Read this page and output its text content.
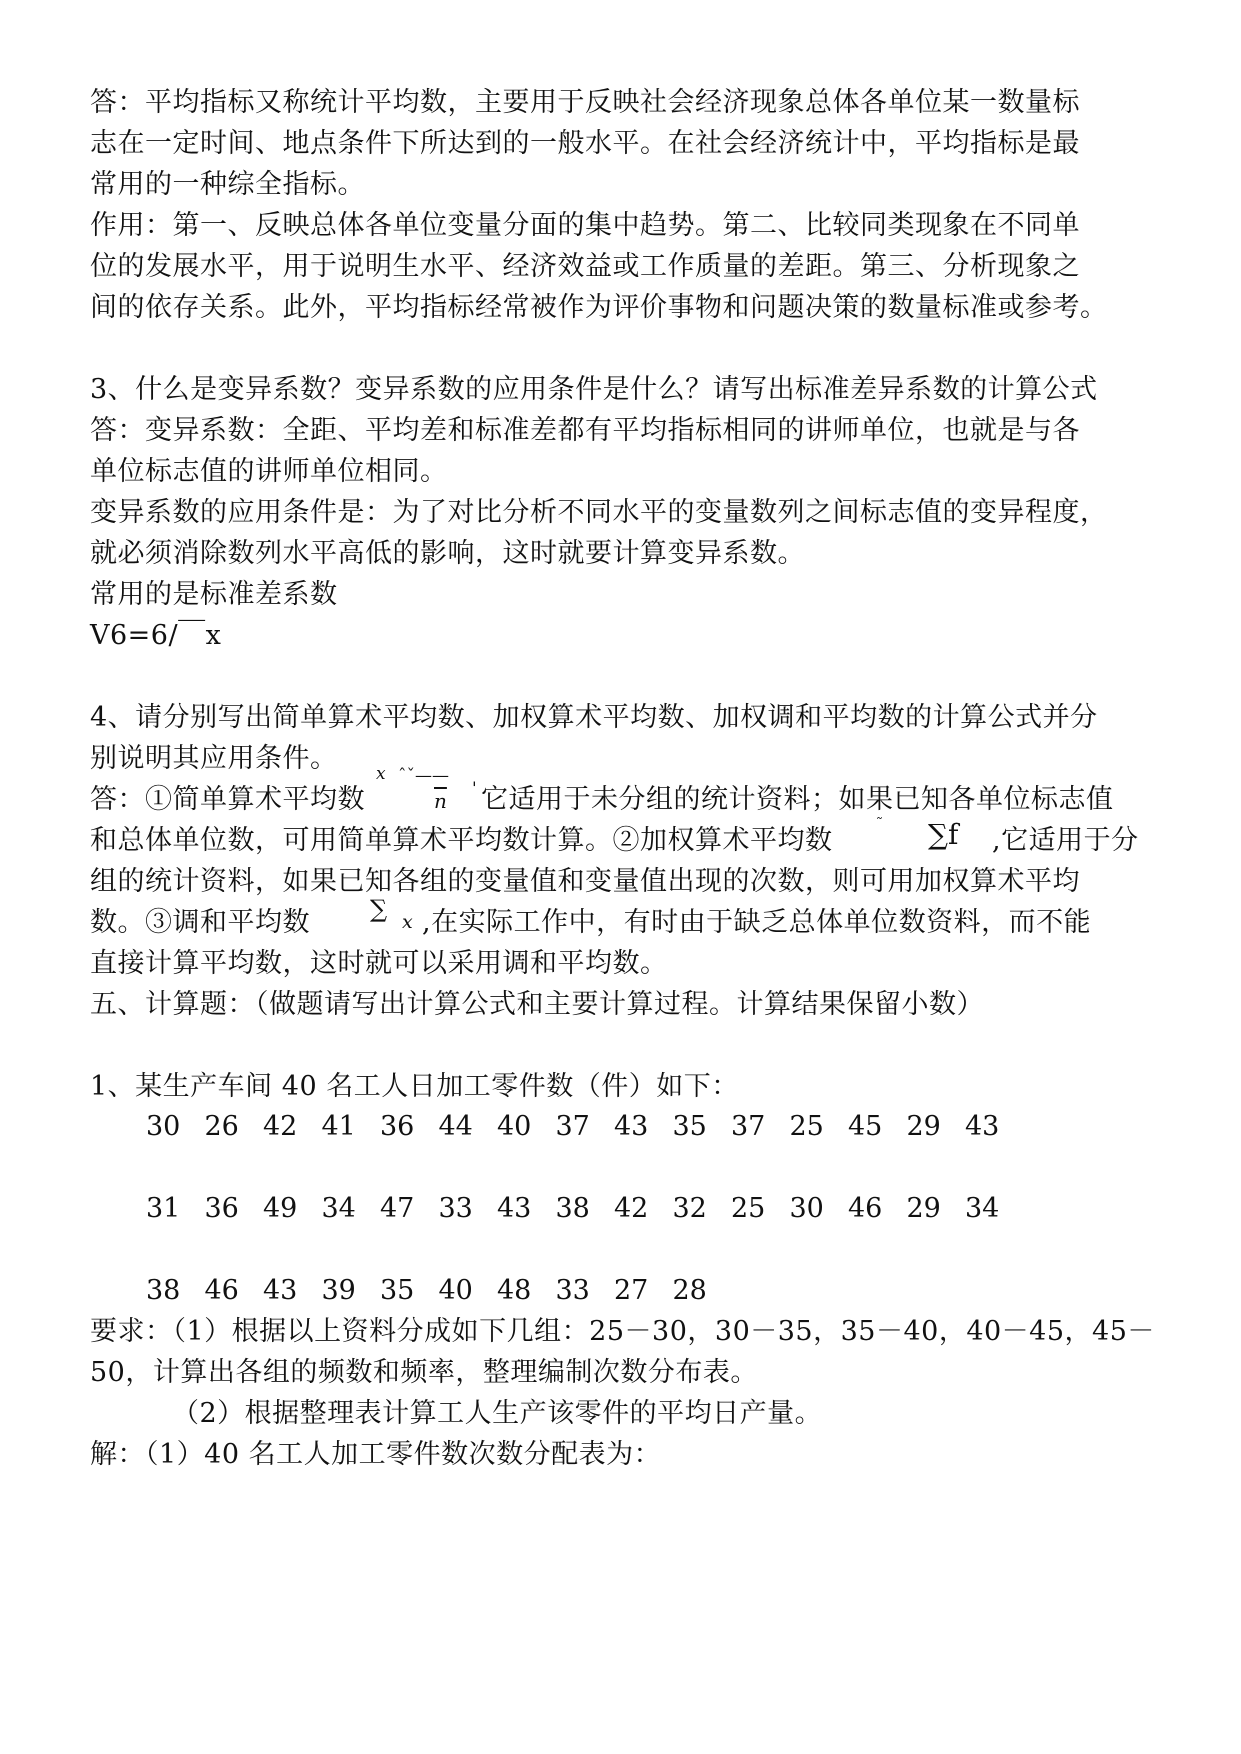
答：平均指标又称统计平均数，主要用于反映社会经济现象总体各单位某一数量标
志在一定时间、地点条件下所达到的一般水平。在社会经济统计中，平均指标是最
常用的一种综全指标。
作用：第一、反映总体各单位变量分面的集中趋势。第二、比较同类现象在不同单
位的发展水平，用于说明生水平、经济效益或工作质量的差距。第三、分析现象之
间的依存关系。此外，平均指标经常被作为评价事物和问题决策的数量标准或参考。
3、什么是变异系数？变异系数的应用条件是什么？请写出标准差异系数的计算公式
答：变异系数：全距、平均差和标准差都有平均指标相同的讲师单位，也就是与各
单位标志值的讲师单位相同。
变异系数的应用条件是：为了对比分析不同水平的变量数列之间标志值的变异程度，
就必须消除数列水平高低的影响，这时就要计算变异系数。
常用的是标准差系数
V6=6/￣x
4、请分别写出简单算术平均数、加权算术平均数、加权调和平均数的计算公式并分
别说明其应用条件。
答：①简单算术平均数
x ˆˇ——
$\overline{n}$ ' 它适用于未分组的统计资料；如果已知各单位标志值
和总体单位数，可用简单算术平均数计算。②加权算术平均数
˜ ∑f ,它适用于分
组的统计资料，如果已知各组的变量值和变量值出现的次数，则可用加权算术平均
数。③调和平均数	∑ x ,在实际工作中，有时由于缺乏总体单位数资料，而不能
直接计算平均数，这时就可以采用调和平均数。
五、计算题：（做题请写出计算公式和主要计算过程。计算结果保留小数）
1、某生产车间 40 名工人日加工零件数（件）如下：
30 26 42 41 36 44 40 37 43 35 37 25 45 29 43
31 36 49 34 47 33 43 38 42 32 25 30 46 29 34
38 46 43 39 35 40 48 33 27 28
要求：（1）根据以上资料分成如下几组：25－30，30－35，35－40，40－45，45－
50，计算出各组的频数和频率，整理编制次数分布表。
（2）根据整理表计算工人生产该零件的平均日产量。
解：（1）40 名工人加工零件数次数分配表为：
